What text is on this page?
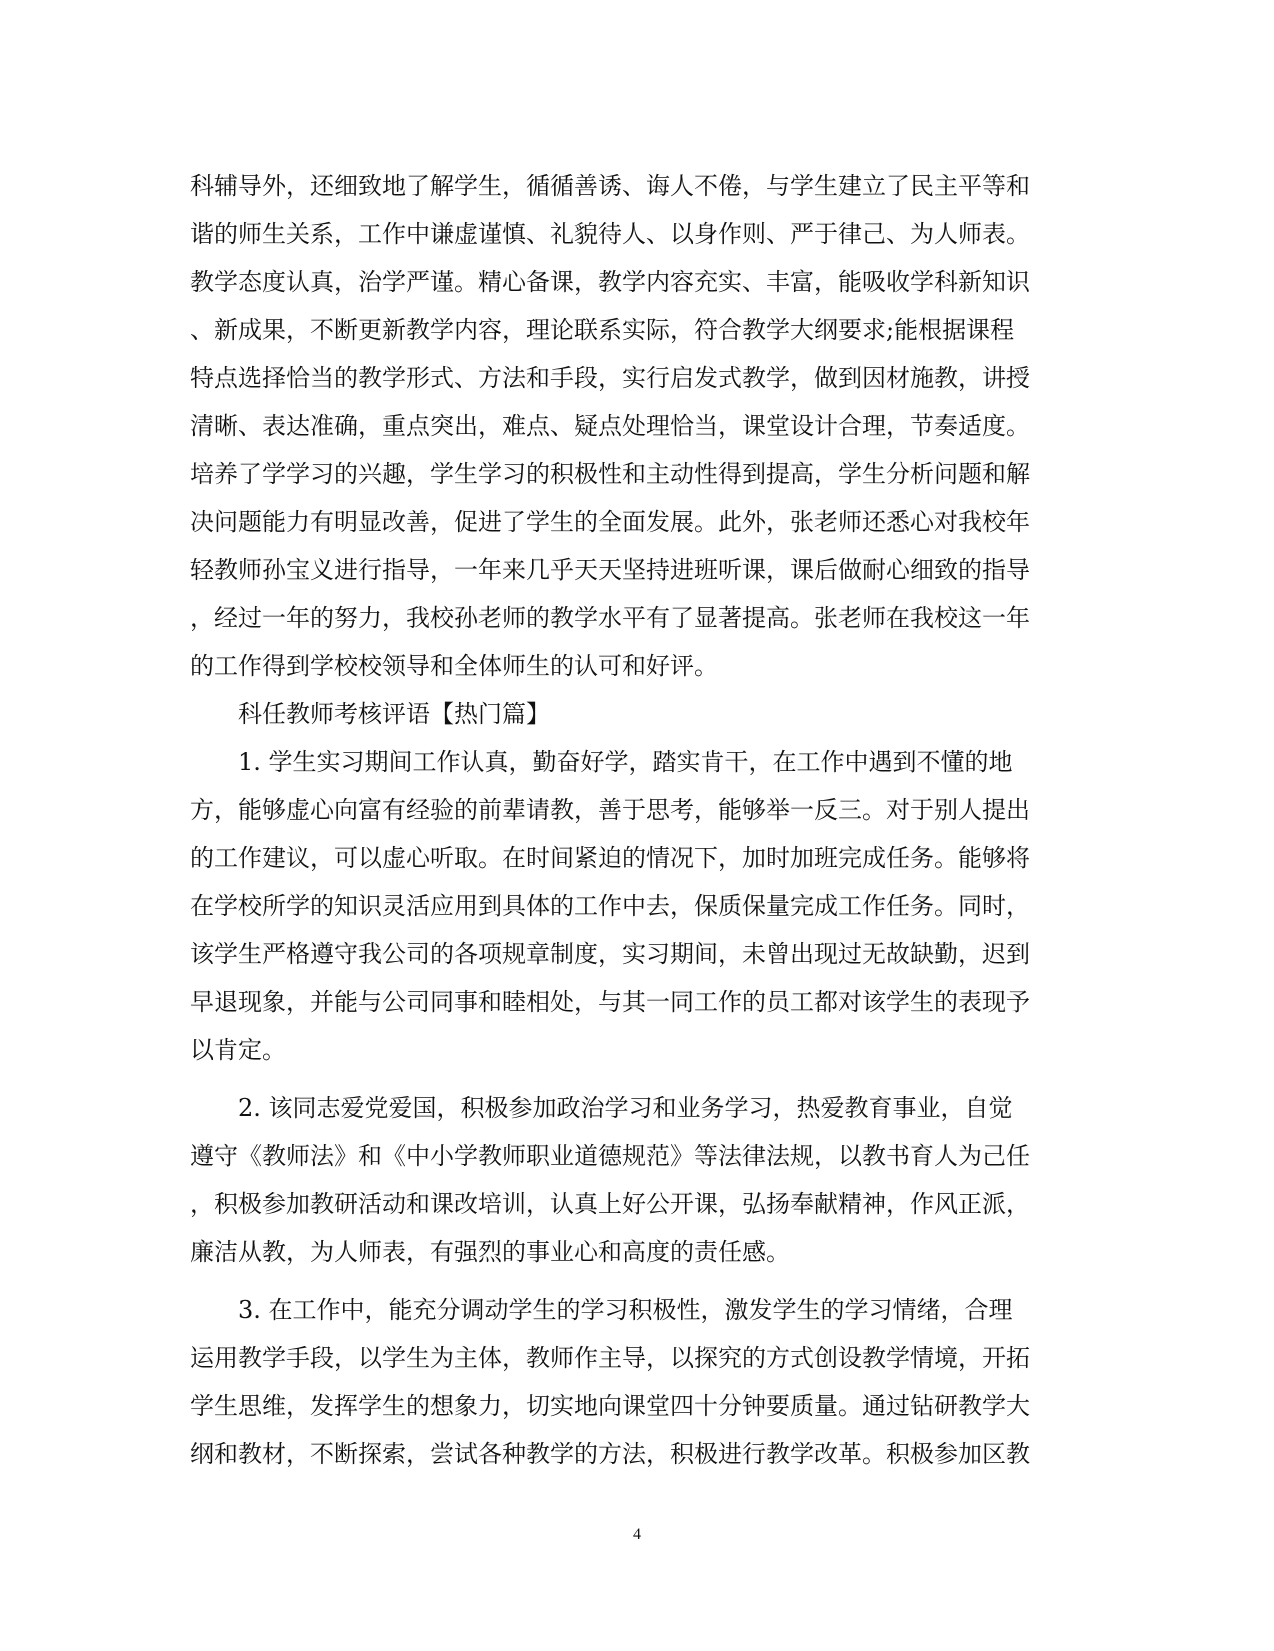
科辅导外，还细致地了解学生，循循善诱、诲人不倦，与学生建立了民主平等和
谐的师生关系，工作中谦虚谨慎、礼貌待人、以身作则、严于律己、为人师表。
教学态度认真，治学严谨。精心备课，教学内容充实、丰富，能吸收学科新知识
、新成果，不断更新教学内容，理论联系实际，符合教学大纲要求;能根据课程
特点选择恰当的教学形式、方法和手段，实行启发式教学，做到因材施教，讲授
清晰、表达准确，重点突出，难点、疑点处理恰当，课堂设计合理，节奏适度。
培养了学学习的兴趣，学生学习的积极性和主动性得到提高，学生分析问题和解
决问题能力有明显改善，促进了学生的全面发展。此外，张老师还悉心对我校年
轻教师孙宝义进行指导，一年来几乎天天坚持进班听课，课后做耐心细致的指导
，经过一年的努力，我校孙老师的教学水平有了显著提高。张老师在我校这一年
的工作得到学校校领导和全体师生的认可和好评。
　　科任教师考核评语【热门篇】
　　1. 学生实习期间工作认真，勤奋好学，踏实肯干，在工作中遇到不懂的地
方，能够虚心向富有经验的前辈请教，善于思考，能够举一反三。对于别人提出
的工作建议，可以虚心听取。在时间紧迫的情况下，加时加班完成任务。能够将
在学校所学的知识灵活应用到具体的工作中去，保质保量完成工作任务。同时，
该学生严格遵守我公司的各项规章制度，实习期间，未曾出现过无故缺勤，迟到
早退现象，并能与公司同事和睦相处，与其一同工作的员工都对该学生的表现予
以肯定。
　　2. 该同志爱党爱国，积极参加政治学习和业务学习，热爱教育事业，自觉
遵守《教师法》和《中小学教师职业道德规范》等法律法规，以教书育人为己任
，积极参加教研活动和课改培训，认真上好公开课，弘扬奉献精神，作风正派，
廉洁从教，为人师表，有强烈的事业心和高度的责任感。
　　3. 在工作中，能充分调动学生的学习积极性，激发学生的学习情绪，合理
运用教学手段，以学生为主体，教师作主导，以探究的方式创设教学情境，开拓
学生思维，发挥学生的想象力，切实地向课堂四十分钟要质量。通过钻研教学大
纲和教材，不断探索，尝试各种教学的方法，积极进行教学改革。积极参加区教
4
